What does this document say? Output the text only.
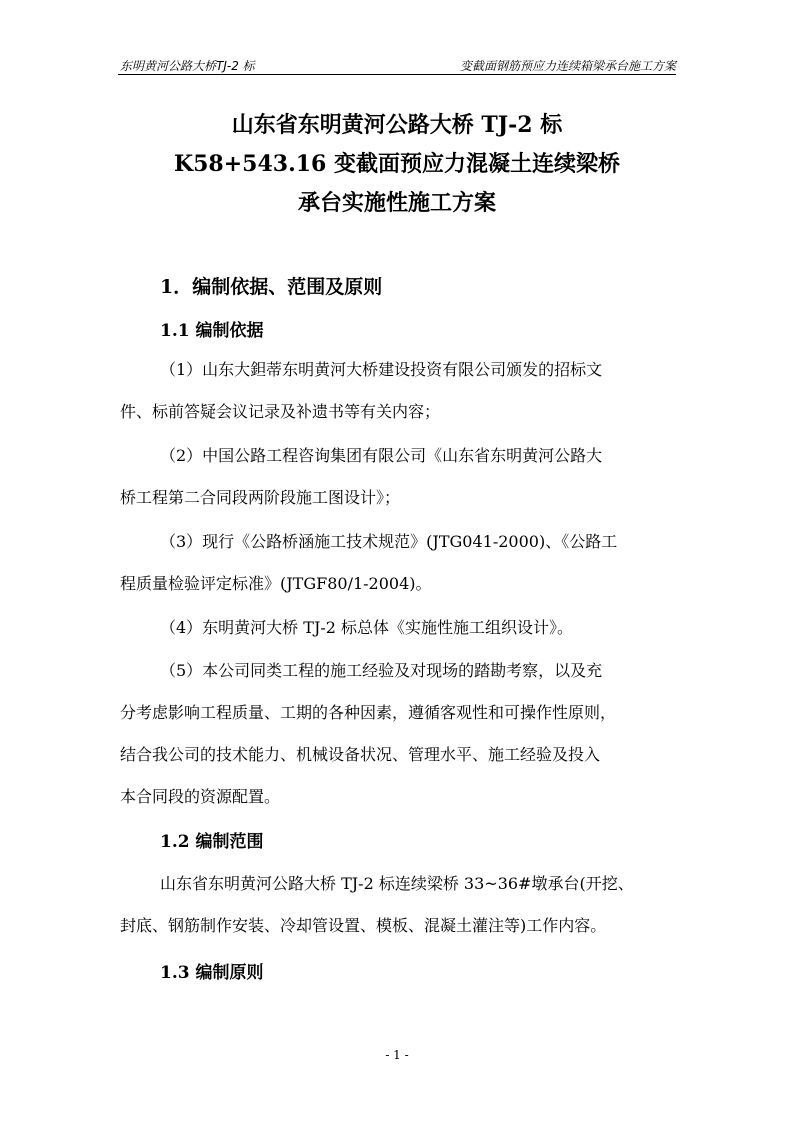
东明黄河公路大桥TJ-2 标	变截面钢筋预应力连续箱梁承台施工方案
山东省东明黄河公路大桥 TJ-2 标
K58+543.16 变截面预应力混凝土连续梁桥
承台实施性施工方案
1．编制依据、范围及原则
1.1 编制依据
（1）山东大鉭蒂东明黄河大桥建设投资有限公司颁发的招标文
件、标前答疑会议记录及补遗书等有关内容；
（2）中国公路工程咨询集团有限公司《山东省东明黄河公路大
桥工程第二合同段两阶段施工图设计》；
（3）现行《公路桥涵施工技术规范》(JTG041-2000)、《公路工
程质量检验评定标准》(JTGF80/1-2004)。
（4）东明黄河大桥 TJ-2 标总体《实施性施工组织设计》。
（5）本公司同类工程的施工经验及对现场的踏勘考察，以及充
分考虑影响工程质量、工期的各种因素，遵循客观性和可操作性原则，
结合我公司的技术能力、机械设备状况、管理水平、施工经验及投入
本合同段的资源配置。
1.2 编制范围
山东省东明黄河公路大桥 TJ-2 标连续梁桥 33~36#墩承台(开挖、
封底、钢筋制作安装、冷却管设置、模板、混凝土灌注等)工作内容。
1.3 编制原则
- 1 -
